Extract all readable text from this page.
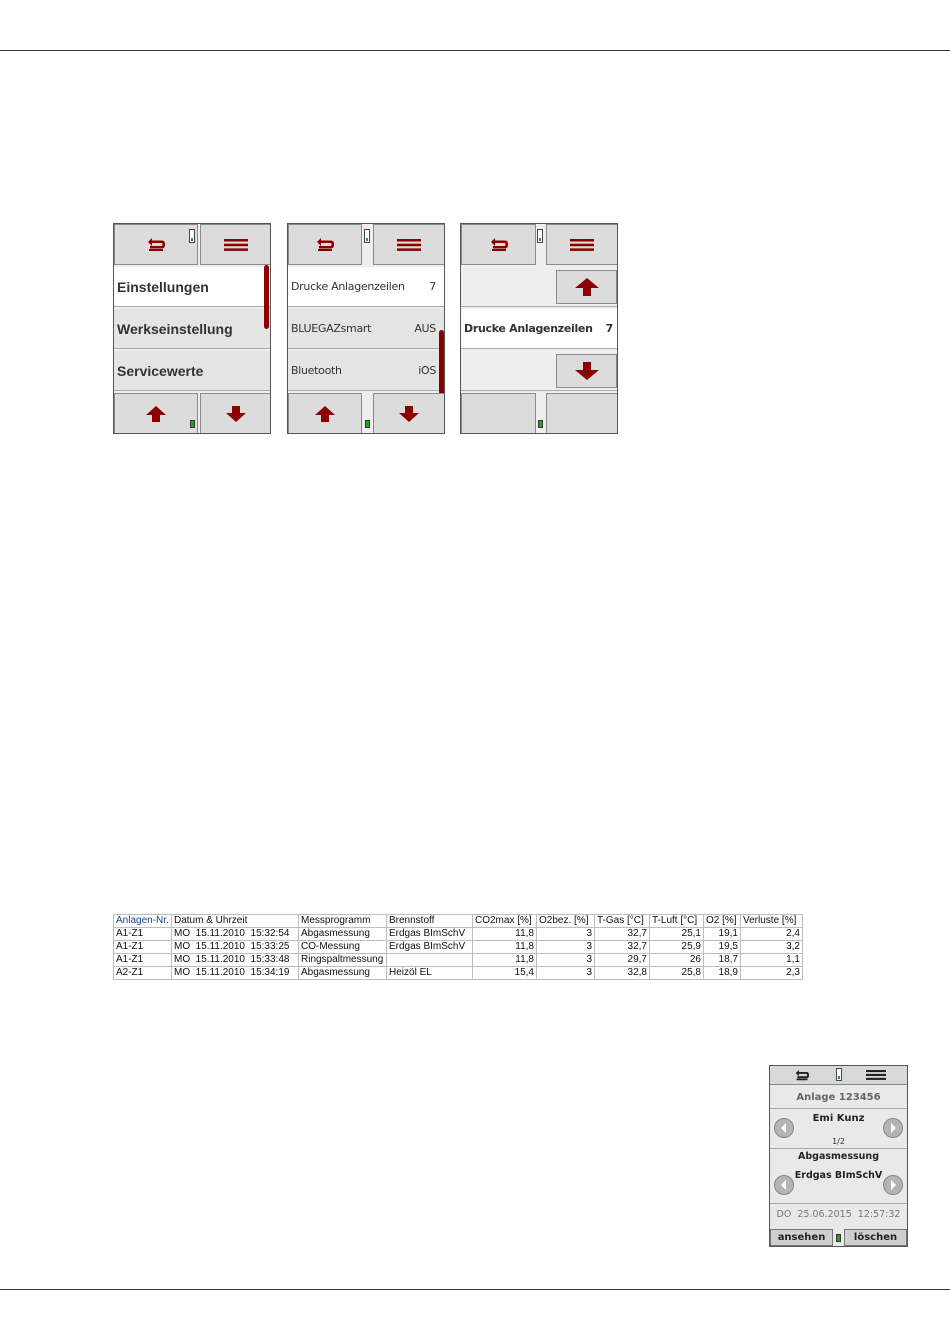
Einstellungen
Werkseinstellung
Servicewerte
Drucke Anlagenzeilen	7
BLUEGAZsmart	AUS
Bluetooth	iOS
Drucke Anlagenzeilen	7
Anlagen-Nr.	Datum & Uhrzeit	Messprogramm	Brennstoff	CO2max [%]	O2bez. [%]	T-Gas [°C]	T-Luft [°C]	O2 [%]	Verluste [%]
A1-Z1	MO  15.11.2010  15:32:54	Abgasmessung	Erdgas BImSchV	11,8	3	32,7	25,1	19,1	2,4
A1-Z1	MO  15.11.2010  15:33:25	CO-Messung	Erdgas BImSchV	11,8	3	32,7	25,9	19,5	3,2
A1-Z1	MO  15.11.2010  15:33:48	Ringspaltmessung		11,8	3	29,7	26	18,7	1,1
A2-Z1	MO  15.11.2010  15:34:19	Abgasmessung	Heizöl EL	15,4	3	32,8	25,8	18,9	2,3
Anlage 123456
Emi Kunz
1/2
Abgasmessung
Erdgas BImSchV
DO  25.06.2015  12:57:32
ansehen	löschen
